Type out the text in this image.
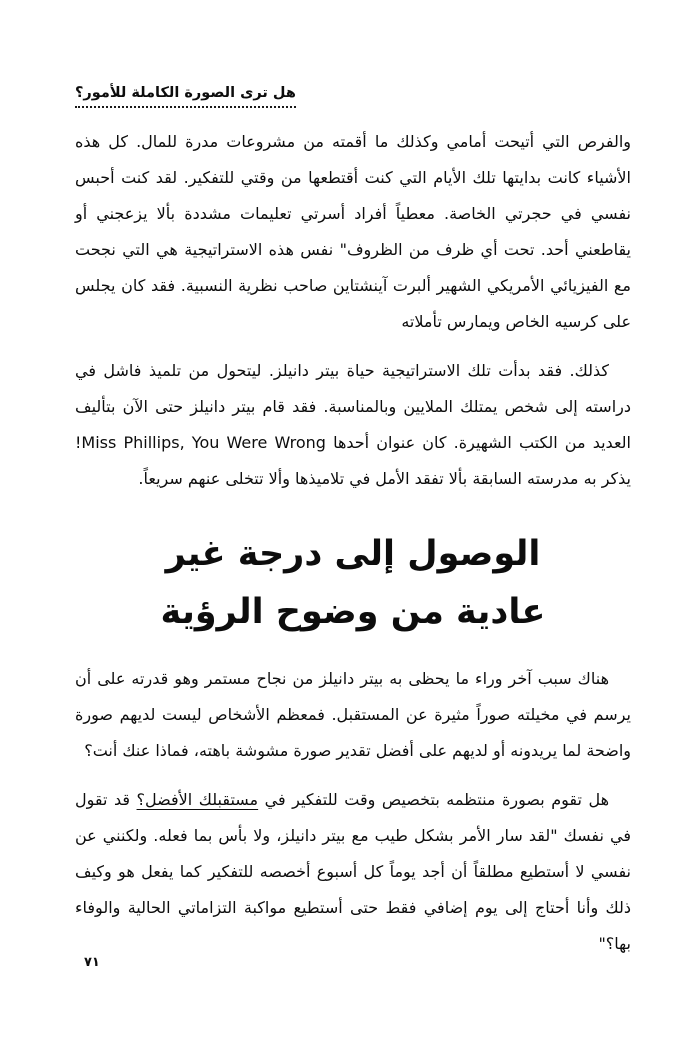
هل ترى الصورة الكاملة للأمور؟

والفرص التي أتيحت أمامي وكذلك ما أقمته من مشروعات مدرة للمال. كل هذه الأشياء كانت بدايتها تلك الأيام التي كنت أقتطعها من وقتي للتفكير. لقد كنت أحبس نفسي في حجرتي الخاصة. معطياً أفراد أسرتي تعليمات مشددة بألا يزعجني أو يقاطعني أحد. تحت أي ظرف من الظروف" نفس هذه الاستراتيجية هي التي نجحت مع الفيزيائي الأمريكي الشهير ألبرت آينشتاين صاحب نظرية النسبية. فقد كان يجلس على كرسيه الخاص ويمارس تأملاته

كذلك. فقد بدأت تلك الاستراتيجية حياة بيتر دانيلز. ليتحول من تلميذ فاشل في دراسته إلى شخص يمتلك الملايين وبالمناسبة. فقد قام بيتر دانيلز حتى الآن بتأليف العديد من الكتب الشهيرة. كان عنوان أحدها Miss Phillips, You Were Wrong! يذكر به مدرسته السابقة بألا تفقد الأمل في تلاميذها وألا تتخلى عنهم سريعاً.

الوصول إلى درجة غير
عادية من وضوح الرؤية

هناك سبب آخر وراء ما يحظى به بيتر دانيلز من نجاح مستمر وهو قدرته على أن يرسم في مخيلته صوراً مثيرة عن المستقبل. فمعظم الأشخاص ليست لديهم صورة واضحة لما يريدونه أو لديهم على أفضل تقدير صورة مشوشة باهته، فماذا عنك أنت؟

هل تقوم بصورة منتظمه بتخصيص وقت للتفكير في مستقبلك الأفضل؟ قد تقول في نفسك "لقد سار الأمر بشكل طيب مع بيتر دانيلز، ولا بأس بما فعله. ولكنني عن نفسي لا أستطيع مطلقاً أن أجد يوماً كل أسبوع أخصصه للتفكير كما يفعل هو وكيف ذلك وأنا أحتاج إلى يوم إضافي فقط حتى أستطيع مواكبة التزاماتي الحالية والوفاء بها؟"

٧١
